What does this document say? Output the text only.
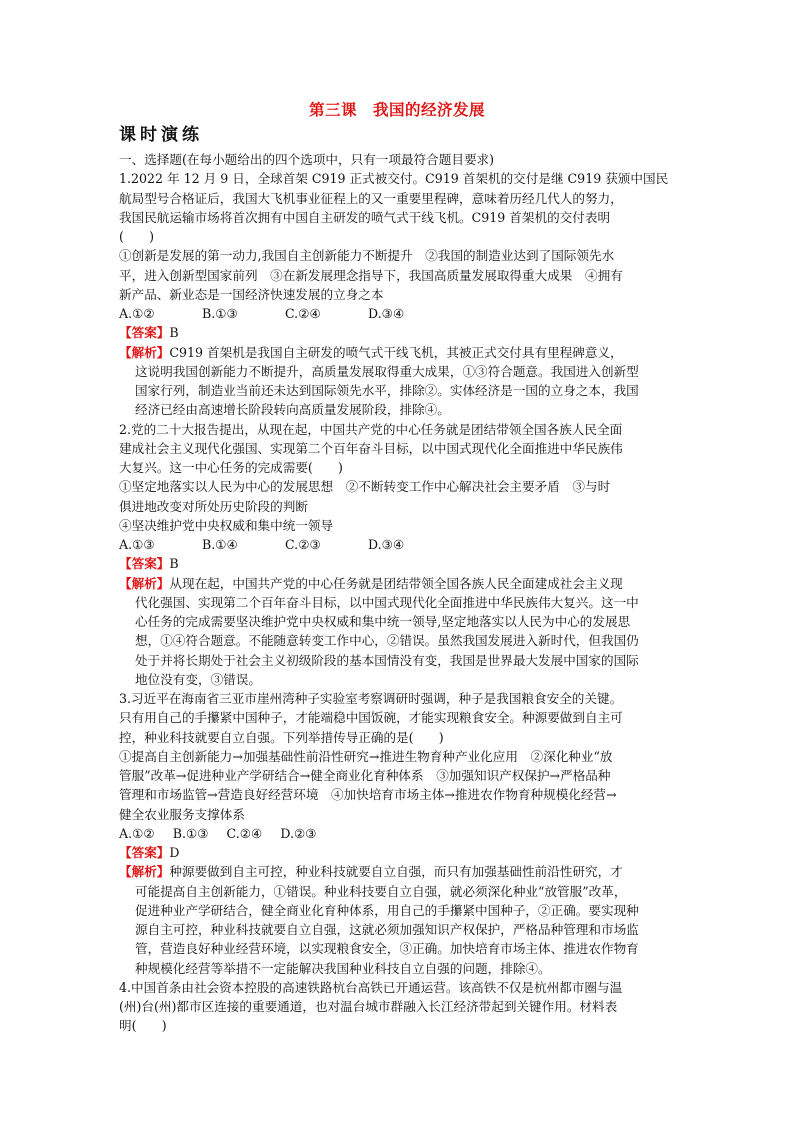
第三课 我国的经济发展
课时演练
一、选择题(在每小题给出的四个选项中，只有一项最符合题目要求)
1.2022 年 12 月 9 日，全球首架 C919 正式被交付。C919 首架机的交付是继 C919 获颁中国民
航局型号合格证后，我国大飞机事业征程上的又一重要里程碑，意味着历经几代人的努力，
我国民航运输市场将首次拥有中国自主研发的喷气式干线飞机。C919 首架机的交付表明
(　　)
①创新是发展的第一动力,我国自主创新能力不断提升　②我国的制造业达到了国际领先水
平，进入创新型国家前列　③在新发展理念指导下，我国高质量发展取得重大成果　④拥有
新产品、新业态是一国经济快速发展的立身之本
A.①②	B.①③	C.②④	D.③④
【答案】B
【解析】C919 首架机是我国自主研发的喷气式干线飞机，其被正式交付具有里程碑意义，
这说明我国创新能力不断提升，高质量发展取得重大成果，①③符合题意。我国进入创新型
国家行列，制造业当前还未达到国际领先水平，排除②。实体经济是一国的立身之本，我国
经济已经由高速增长阶段转向高质量发展阶段，排除④。
2.党的二十大报告提出，从现在起，中国共产党的中心任务就是团结带领全国各族人民全面
建成社会主义现代化强国、实现第二个百年奋斗目标，以中国式现代化全面推进中华民族伟
大复兴。这一中心任务的完成需要(　　)
①坚定地落实以人民为中心的发展思想　②不断转变工作中心解决社会主要矛盾　③与时
俱进地改变对所处历史阶段的判断
④坚决维护党中央权威和集中统一领导
A.①③	B.①④	C.②③	D.③④
【答案】B
【解析】从现在起，中国共产党的中心任务就是团结带领全国各族人民全面建成社会主义现
代化强国、实现第二个百年奋斗目标，以中国式现代化全面推进中华民族伟大复兴。这一中
心任务的完成需要坚决维护党中央权威和集中统一领导,坚定地落实以人民为中心的发展思
想，①④符合题意。不能随意转变工作中心，②错误。虽然我国发展进入新时代，但我国仍
处于并将长期处于社会主义初级阶段的基本国情没有变，我国是世界最大发展中国家的国际
地位没有变，③错误。
3.习近平在海南省三亚市崖州湾种子实验室考察调研时强调，种子是我国粮食安全的关键。
只有用自己的手攥紧中国种子，才能端稳中国饭碗，才能实现粮食安全。种源要做到自主可
控，种业科技就要自立自强。下列举措传导正确的是(　　)
①提高自主创新能力→加强基础性前沿性研究→推进生物育种产业化应用　②深化种业“放
管服”改革→促进种业产学研结合→健全商业化育种体系　③加强知识产权保护→严格品种
管理和市场监管→营造良好经营环境　④加快培育市场主体→推进农作物育种规模化经营→
健全农业服务支撑体系
A.①② B.①③ C.②④ D.②③
【答案】D
【解析】种源要做到自主可控，种业科技就要自立自强，而只有加强基础性前沿性研究，才
可能提高自主创新能力，①错误。种业科技要自立自强，就必须深化种业“放管服”改革，
促进种业产学研结合，健全商业化育种体系，用自己的手攥紧中国种子，②正确。要实现种
源自主可控，种业科技就要自立自强，这就必须加强知识产权保护，严格品种管理和市场监
管，营造良好种业经营环境，以实现粮食安全，③正确。加快培育市场主体、推进农作物育
种规模化经营等举措不一定能解决我国种业科技自立自强的问题，排除④。
4.中国首条由社会资本控股的高速铁路杭台高铁已开通运营。该高铁不仅是杭州都市圈与温
(州)台(州)都市区连接的重要通道，也对温台城市群融入长江经济带起到关键作用。材料表
明(　　)
